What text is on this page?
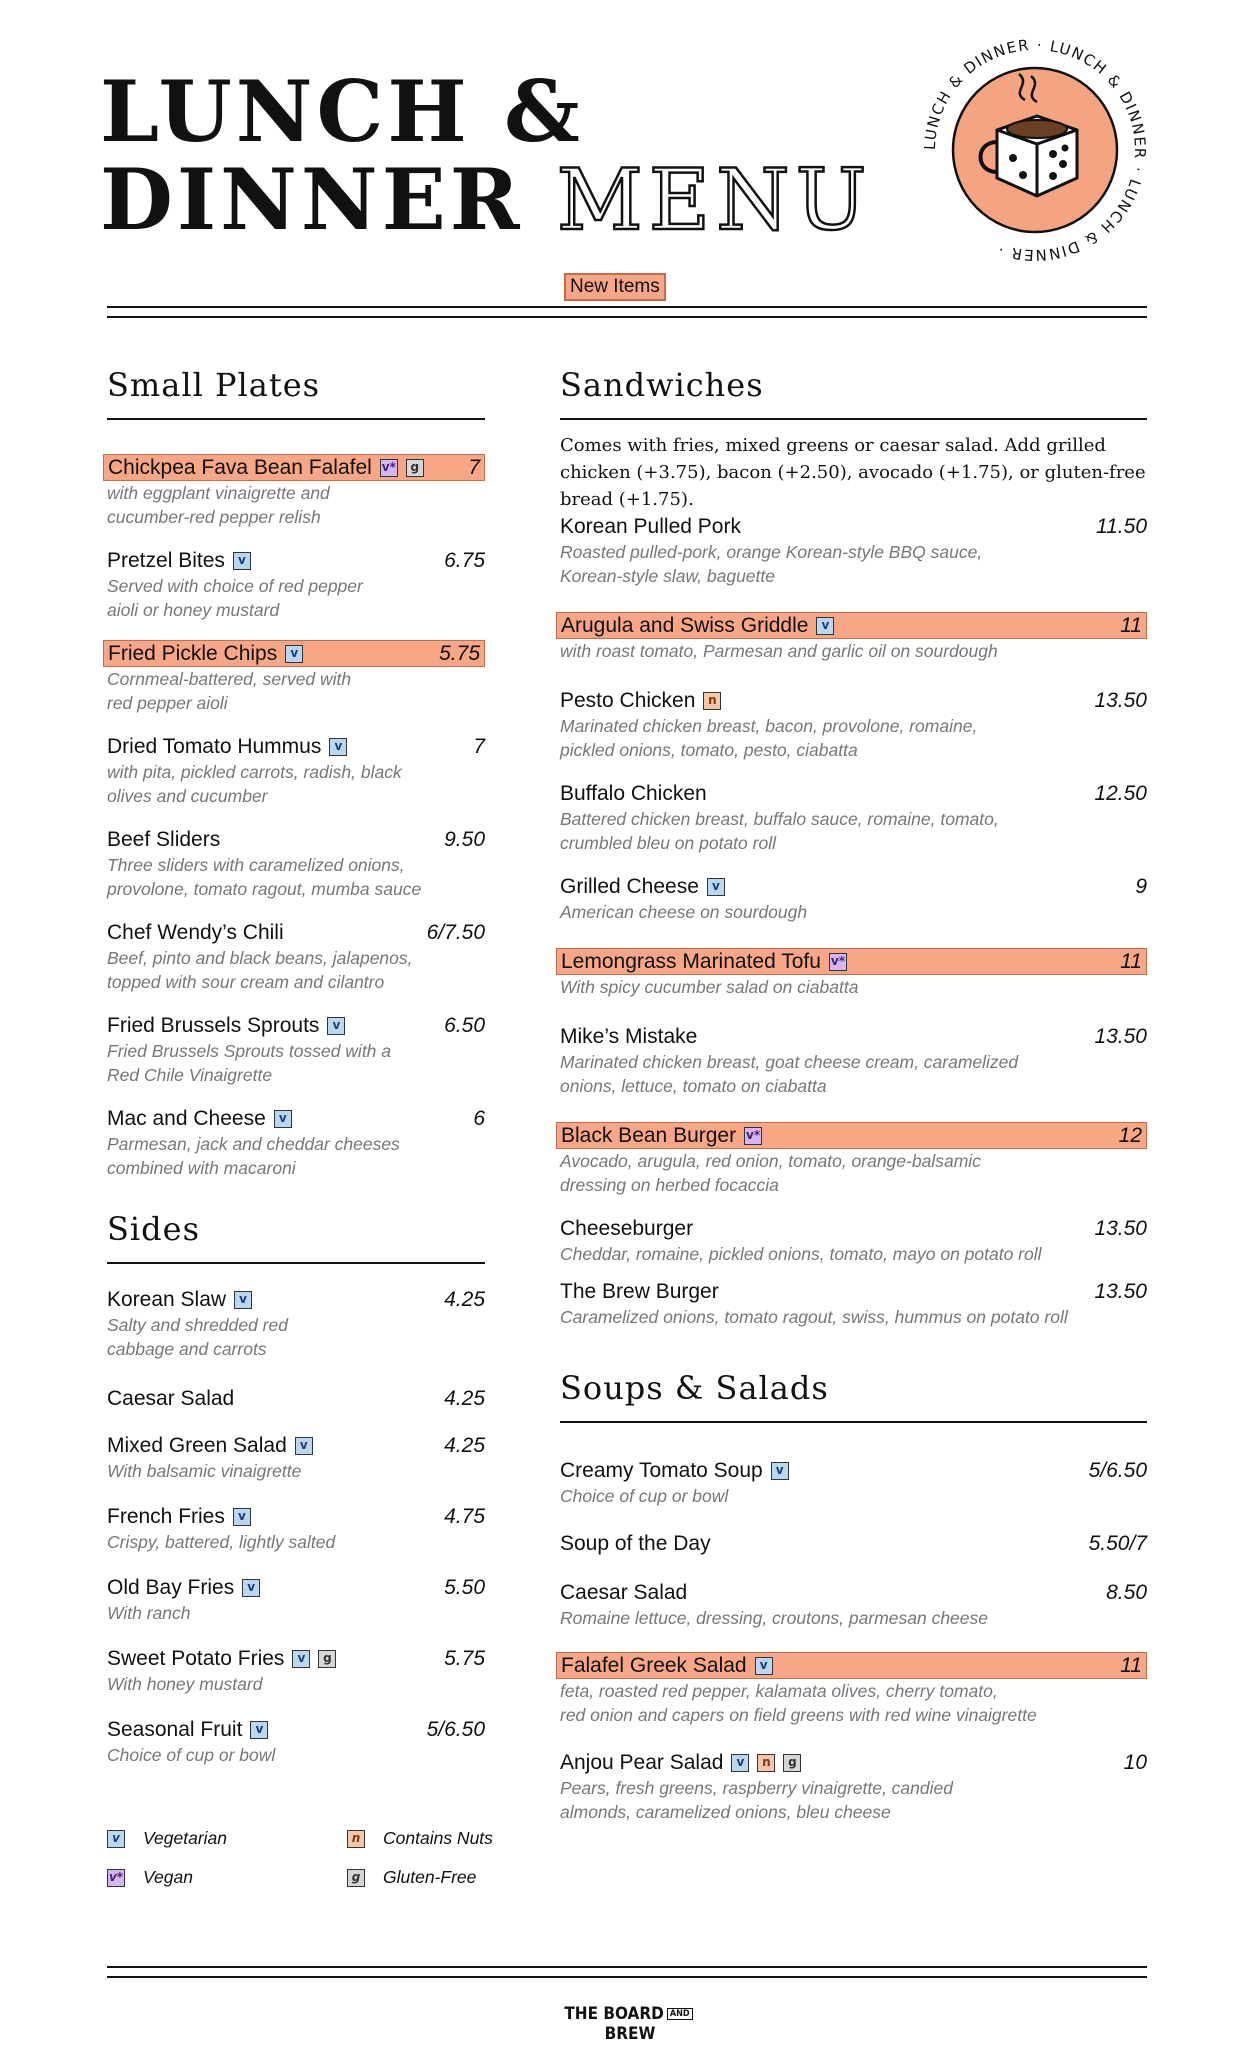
LUNCH &
DINNER MENU
LUNCH & DINNER · LUNCH & DINNER · LUNCH & DINNER ·
New Items
Small Plates
Chickpea Fava Bean Falafel v*	g 7
with eggplant vinaigrette and
cucumber-red pepper relish
Pretzel Bites	v	6.75
Served with choice of red pepper
aioli or honey mustard
Fried Pickle Chips	v	5.75
Cornmeal-battered, served with
red pepper aioli
Dried Tomato Hummus	v	7
with pita, pickled carrots, radish, black
olives and cucumber
Beef Sliders	9.50
Three sliders with caramelized onions,
provolone, tomato ragout, mumba sauce
Chef Wendy’s Chili	6/7.50
Beef, pinto and black beans, jalapenos,
topped with sour cream and cilantro
Fried Brussels Sprouts	v	6.50
Fried Brussels Sprouts tossed with a
Red Chile Vinaigrette
Mac and Cheese	v	6
Parmesan, jack and cheddar cheeses
combined with macaroni
Sides
Korean Slaw	v	4.25
Salty and shredded red
cabbage and carrots
Caesar Salad	4.25
Mixed Green Salad	v	4.25
With balsamic vinaigrette
French Fries	v	4.75
Crispy, battered, lightly salted
Old Bay Fries	v	5.50
With ranch
Sweet Potato Fries	v	g	5.75
With honey mustard
Seasonal Fruit	v	5/6.50
Choice of cup or bowl
Sandwiches
Comes with fries, mixed greens or caesar salad. Add grilled chicken (+3.75), bacon (+2.50), avocado (+1.75), or gluten-free bread (+1.75).
Korean Pulled Pork	11.50
Roasted pulled-pork, orange Korean-style BBQ sauce,
Korean-style slaw, baguette
Arugula and Swiss Griddle	v	11
with roast tomato, Parmesan and garlic oil on sourdough
Pesto Chicken	n	13.50
Marinated chicken breast, bacon, provolone, romaine,
pickled onions, tomato, pesto, ciabatta
Buffalo Chicken	12.50
Battered chicken breast, buffalo sauce, romaine, tomato,
crumbled bleu on potato roll
Grilled Cheese	v	9
American cheese on sourdough
Lemongrass Marinated Tofu v*	11
With spicy cucumber salad on ciabatta
Mike’s Mistake	13.50
Marinated chicken breast, goat cheese cream, caramelized
onions, lettuce, tomato on ciabatta
Black Bean Burger v*	12
Avocado, arugula, red onion, tomato, orange-balsamic
dressing on herbed focaccia
Cheeseburger	13.50
Cheddar, romaine, pickled onions, tomato, mayo on potato roll
The Brew Burger	13.50
Caramelized onions, tomato ragout, swiss, hummus on potato roll
Soups & Salads
Creamy Tomato Soup	v	5/6.50
Choice of cup or bowl
Soup of the Day	5.50/7
Caesar Salad	8.50
Romaine lettuce, dressing, croutons, parmesan cheese
Falafel Greek Salad	v	11
feta, roasted red pepper, kalamata olives, cherry tomato,
red onion and capers on field greens with red wine vinaigrette
Anjou Pear Salad	v	n	g	10
Pears, fresh greens, raspberry vinaigrette, candied
almonds, caramelized onions, bleu cheese
v Vegetarian	n Contains Nuts
v* Vegan	g Gluten-Free
THE BOARD ANDBREW
